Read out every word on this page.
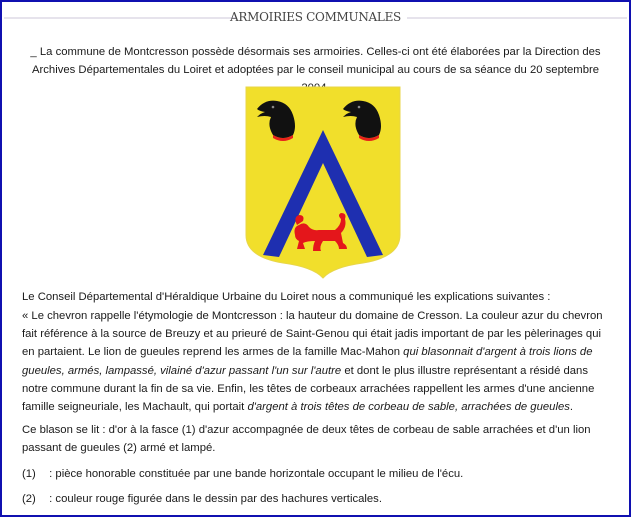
ARMOIRIES COMMUNALES
_ La commune de Montcresson possède désormais ses armoiries. Celles-ci ont été élaborées par la Direction des Archives Départementales du Loiret et adoptées par le conseil municipal au cours de sa séance du 20 septembre

Le Conseil Départemental d'Héraldique Urbaine du Loiret nous a communiqué les explications suivantes :

« Le chevron rappelle l'étymologie de Montcresson : la hauteur du domaine de Cresson. La couleur azur du chevron fait référence à la source de Breuzy et au prieuré de Saint-Genou qui était jadis important de par les pèlerinages qui en partaient. Le lion de gueules reprend les armes de la famille Mac-Mahon qui blasonnait d'argent à trois lions de gueules, armés, lampassé, vilainé d'azur passant l'un sur l'autre et dont le plus illustre représentant a résidé dans notre commune durant la fin de sa vie. Enfin, les têtes de corbeaux arrachées rappellent les armes d'une ancienne famille seigneuriale, les Machault, qui portait d'argent à trois têtes de corbeau de sable, arrachées de gueules.

Ce blason se lit : d'or à la fasce (1) d'azur accompagnée de deux têtes de corbeau de sable arrachées et d'un lion passant de gueules (2) armé et lampé.

(1) : pièce honorable constituée par une bande horizontale occupant le milieu de l'écu.
(2) : couleur rouge figurée dans le dessin par des hachures verticales.
